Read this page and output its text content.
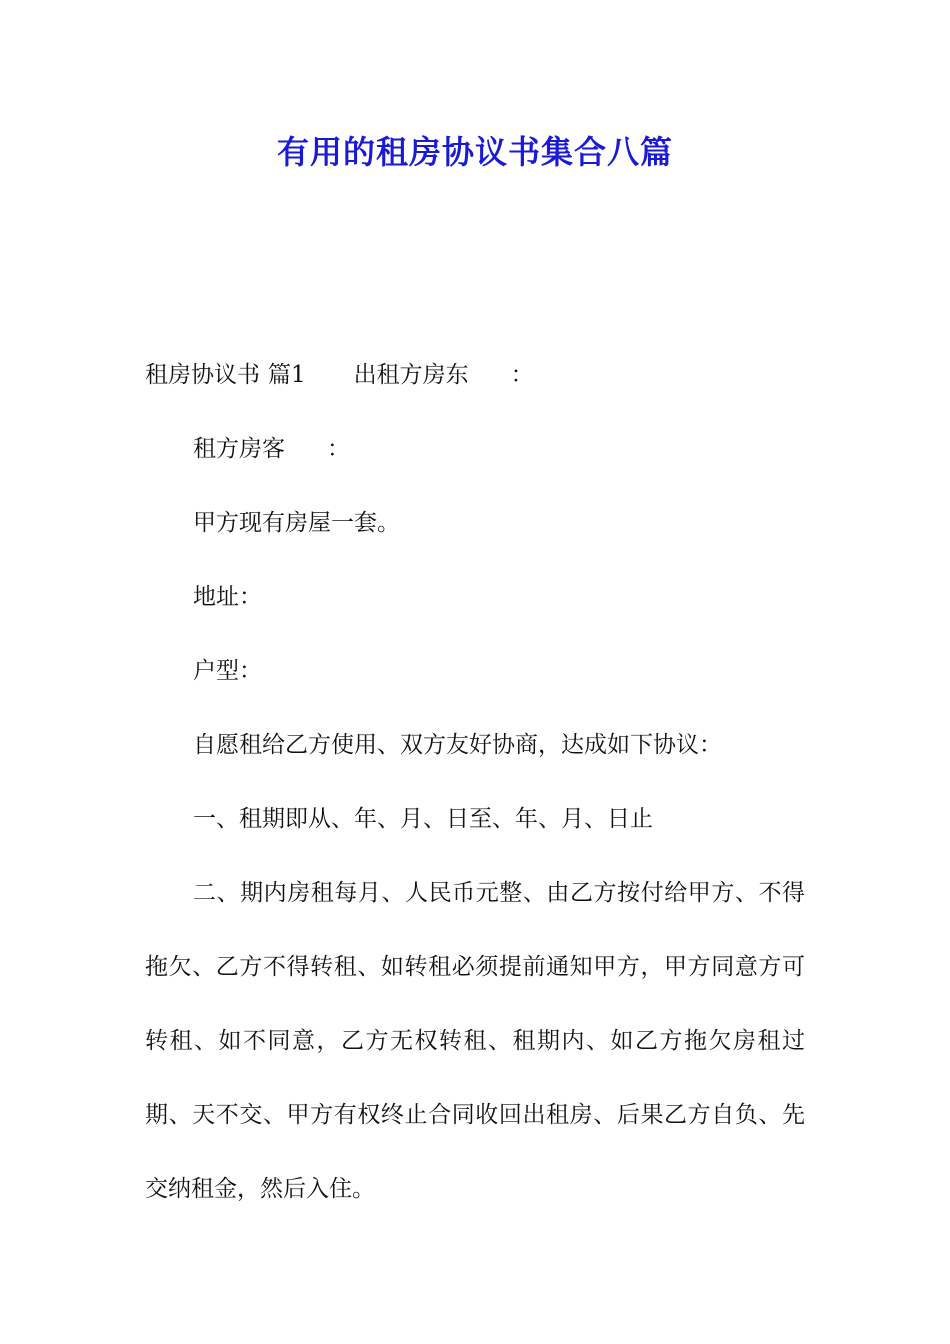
有用的租房协议书集合八篇

租房协议书 篇1 出租方房东 ：

租方房客 ：

甲方现有房屋一套。

地址：

户型：

自愿租给乙方使用、双方友好协商，达成如下协议：

一、租期即从、年、月、日至、年、月、日止

二、期内房租每月、人民币元整、由乙方按付给甲方、不得拖欠、乙方不得转租、如转租必须提前通知甲方，甲方同意方可转租、如不同意，乙方无权转租、租期内、如乙方拖欠房租过期、天不交、甲方有权终止合同收回出租房、后果乙方自负、先交纳租金，然后入住。
